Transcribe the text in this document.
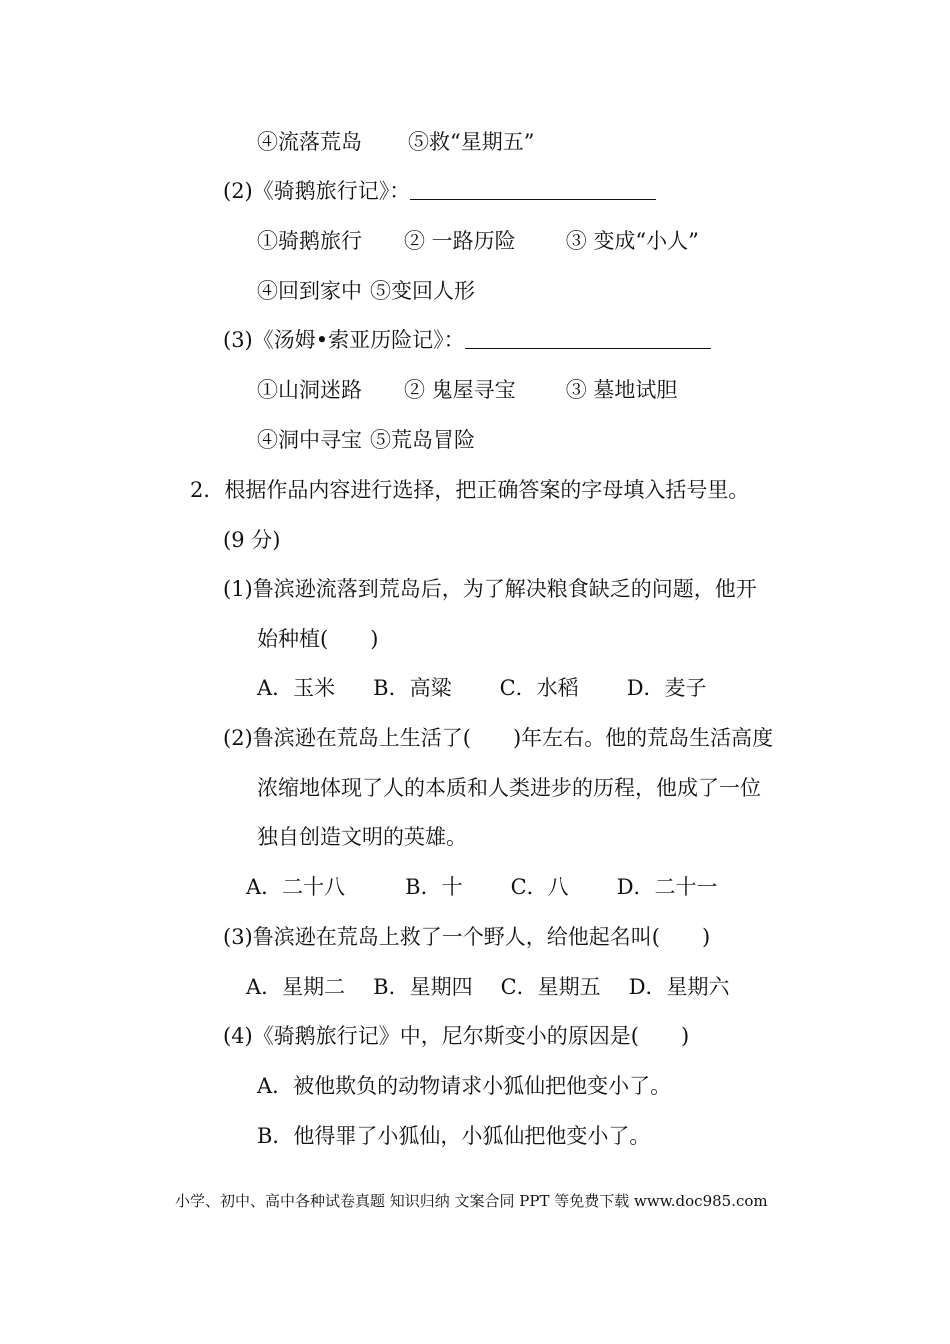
④流落荒岛 ⑤救“星期五”
(2)《骑鹅旅行记》：
①骑鹅旅行 ② 一路历险 ③ 变成“小人”
④回到家中 ⑤变回人形
(3)《汤姆•索亚历险记》：
①山洞迷路 ② 鬼屋寻宝 ③ 墓地试胆
④洞中寻宝 ⑤荒岛冒险
2．根据作品内容进行选择，把正确答案的字母填入括号里。
(9 分)
(1)鲁滨逊流落到荒岛后，为了解决粮食缺乏的问题，他开
始种植(　　)
A．玉米 B．高粱 C．水稻 D．麦子
(2)鲁滨逊在荒岛上生活了(　　)年左右。他的荒岛生活高度
浓缩地体现了人的本质和人类进步的历程，他成了一位
独自创造文明的英雄。
A．二十八	B．十 C．八 D．二十一
(3)鲁滨逊在荒岛上救了一个野人，给他起名叫(　　)
A．星期二 B．星期四 C．星期五 D．星期六
(4)《骑鹅旅行记》中，尼尔斯变小的原因是(　　)
A．被他欺负的动物请求小狐仙把他变小了。
B．他得罪了小狐仙，小狐仙把他变小了。
小学、初中、高中各种试卷真题 知识归纳 文案合同 PPT 等免费下载 www.doc985.com
